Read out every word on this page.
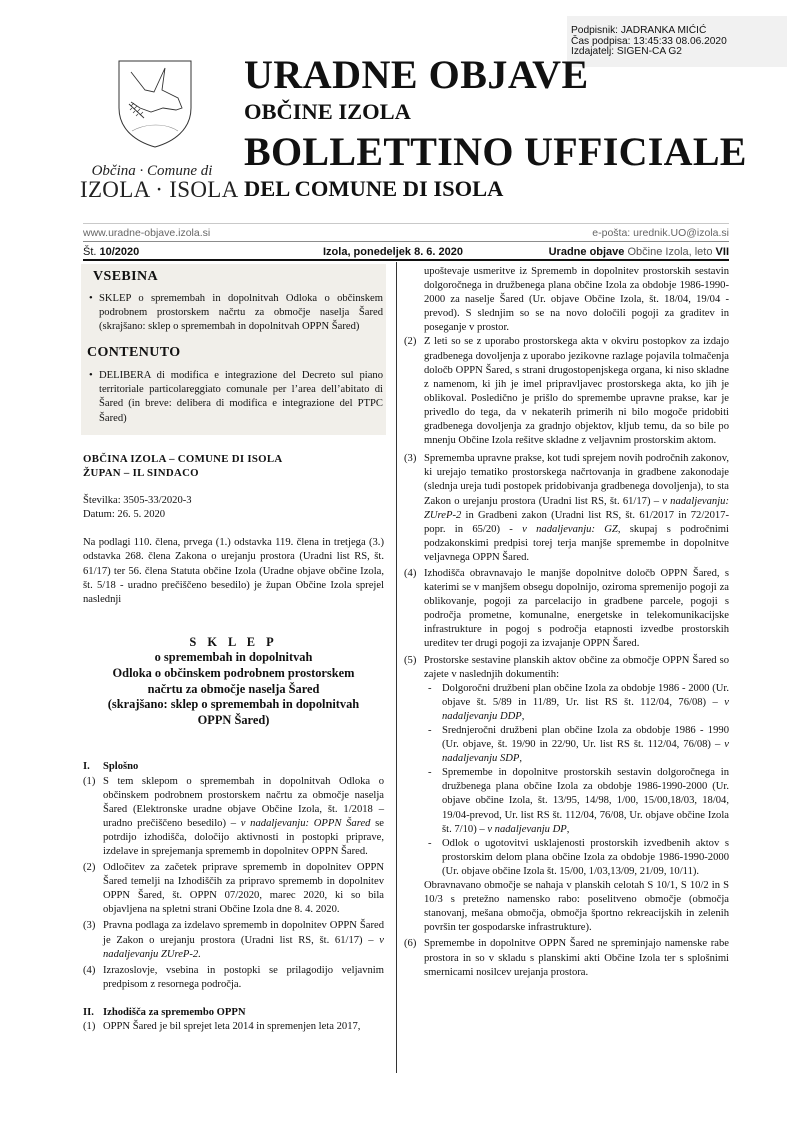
Podpisnik: JADRANKA MIĆIĆ
Čas podpisa: 13:45:33 08.06.2020
Izdajatelj: SIGEN-CA G2
Občina · Comune di
IZOLA · ISOLA
URADNE OBJAVE
OBČINE IZOLA
BOLLETTINO UFFICIALE
DEL COMUNE DI ISOLA
www.uradne-objave.izola.si	e-pošta: urednik.UO@izola.si
Št. 10/2020	Izola, ponedeljek 8. 6. 2020	Uradne objave Občine Izola, leto VII
VSEBINA
• SKLEP o spremembah in dopolnitvah Odloka o občinskem podrobnem prostorskem načrtu za območje naselja Šared (skrajšano: sklep o spremembah in dopolnitvah OPPN Šared)
CONTENUTO
• DELIBERA di modifica e integrazione del Decreto sul piano territoriale particolareggiato comunale per l’area dell’abitato di Šared (in breve: delibera di modifica e integrazione del PTPC Šared)
OBČINA IZOLA – COMUNE DI ISOLA
ŽUPAN – IL SINDACO
Številka: 3505-33/2020-3
Datum: 26. 5. 2020
Na podlagi 110. člena, prvega (1.) odstavka 119. člena in tretjega (3.) odstavka 268. člena Zakona o urejanju prostora (Uradni list RS, št. 61/17) ter 56. člena Statuta občine Izola (Uradne objave občine Izola, št. 5/18 - uradno prečiščeno besedilo) je župan Občine Izola sprejel naslednji
S K L E P
o spremembah in dopolnitvah
Odloka o občinskem podrobnem prostorskem
načrtu za območje naselja Šared
(skrajšano: sklep o spremembah in dopolnitvah
OPPN Šared)
I. Splošno
(1) S tem sklepom o spremembah in dopolnitvah Odloka o občinskem podrobnem prostorskem načrtu za območje naselja Šared (Elektronske uradne objave Občine Izola, št. 1/2018 – uradno prečiščeno besedilo) – v nadaljevanju: OPPN Šared se potrdijo izhodišča, določijo aktivnosti in postopki priprave, izdelave in sprejemanja sprememb in dopolnitev OPPN Šared.
(2) Odločitev za začetek priprave sprememb in dopolnitev OPPN Šared temelji na Izhodiščih za pripravo sprememb in dopolnitev OPPN Šared, št. OPPN 07/2020, marec 2020, ki so bila objavljena na spletni strani Občine Izola dne 8. 4. 2020.
(3) Pravna podlaga za izdelavo sprememb in dopolnitev OPPN Šared je Zakon o urejanju prostora (Uradni list RS, št. 61/17) – v nadaljevanju ZUreP-2.
(4) Izrazoslovje, vsebina in postopki se prilagodijo veljavnim predpisom z resornega področja.
II. Izhodišča za spremembo OPPN
(1) OPPN Šared je bil sprejet leta 2014 in spremenjen leta 2017,
upoštevaje usmeritve iz Sprememb in dopolnitev prostorskih sestavin dolgoročnega in družbenega plana občine Izola za obdobje 1986-1990- 2000 za naselje Šared (Ur. objave Občine Izola, št. 18/04, 19/04 - prevod). S slednjim so se na novo določili pogoji za graditev in poseganje v prostor.
(2) Z leti so se z uporabo prostorskega akta v okviru postopkov za izdajo gradbenega dovoljenja z uporabo jezikovne razlage pojavila tolmačenja določb OPPN Šared, s strani drugostopenjskega organa, ki niso skladne z namenom, ki jih je imel pripravljavec prostorskega akta, ko jih je oblikoval. Posledično je prišlo do spremembe upravne prakse, kar je privedlo do tega, da v nekaterih primerih ni bilo mogoče pridobiti gradbenega dovoljenja za gradnjo objektov, kljub temu, da so bile po mnenju Občine Izola rešitve skladne z veljavnim prostorskim aktom.
(3) Sprememba upravne prakse, kot tudi sprejem novih področnih zakonov, ki urejajo tematiko prostorskega načrtovanja in gradbene zakonodaje (slednja ureja tudi postopek pridobivanja gradbenega dovoljenja), to sta Zakon o urejanju prostora (Uradni list RS, št. 61/17) – v nadaljevanju: ZUreP-2 in Gradbeni zakon (Uradni list RS, št. 61/2017 in 72/2017-popr. in 65/20) - v nadaljevanju: GZ, skupaj s področnimi podzakonskimi predpisi torej terja manjše spremembe in dopolnitve veljavnega OPPN Šared.
(4) Izhodišča obravnavajo le manjše dopolnitve določb OPPN Šared, s katerimi se v manjšem obsegu dopolnijo, oziroma spremenijo pogoji za oblikovanje, pogoji za parcelacijo in gradbene parcele, pogoji s področja prometne, komunalne, energetske in telekomunikacijske infrastrukture in pogoj s področja etapnosti izvedbe prostorskih ureditev ter drugi pogoji za izvajanje OPPN Šared.
(5) Prostorske sestavine planskih aktov občine za območje OPPN Šared so zajete v naslednjih dokumentih:
- Dolgoročni družbeni plan občine Izola za obdobje 1986 - 2000 (Ur. objave št. 5/89 in 11/89, Ur. list RS št. 112/04, 76/08) – v nadaljevanju DDP,
- Srednjeročni družbeni plan občine Izola za obdobje 1986 - 1990 (Ur. objave, št. 19/90 in 22/90, Ur. list RS št. 112/04, 76/08) – v nadaljevanju SDP,
- Spremembe in dopolnitve prostorskih sestavin dolgoročnega in družbenega plana občine Izola za obdobje 1986-1990-2000 (Ur. objave občine Izola, št. 13/95, 14/98, 1/00, 15/00,18/03, 18/04, 19/04-prevod, Ur. list RS št. 112/04, 76/08, Ur. objave občine Izola št. 7/10) – v nadaljevanju DP,
- Odlok o ugotovitvi usklajenosti prostorskih izvedbenih aktov s prostorskim delom plana občine Izola za obdobje 1986-1990-2000 (Ur. objave občine Izola št. 15/00, 1/03,13/09, 21/09, 10/11).
Obravnavano območje se nahaja v planskih celotah S 10/1, S 10/2 in S 10/3 s pretežno namensko rabo: poselitveno območje (območja stanovanj, mešana območja, območja športno rekreacijskih in zelenih površin ter gospodarske infrastrukture).
(6) Spremembe in dopolnitve OPPN Šared ne spreminjajo namenske rabe prostora in so v skladu s planskimi akti Občine Izola ter s splošnimi smernicami nosilcev urejanja prostora.
